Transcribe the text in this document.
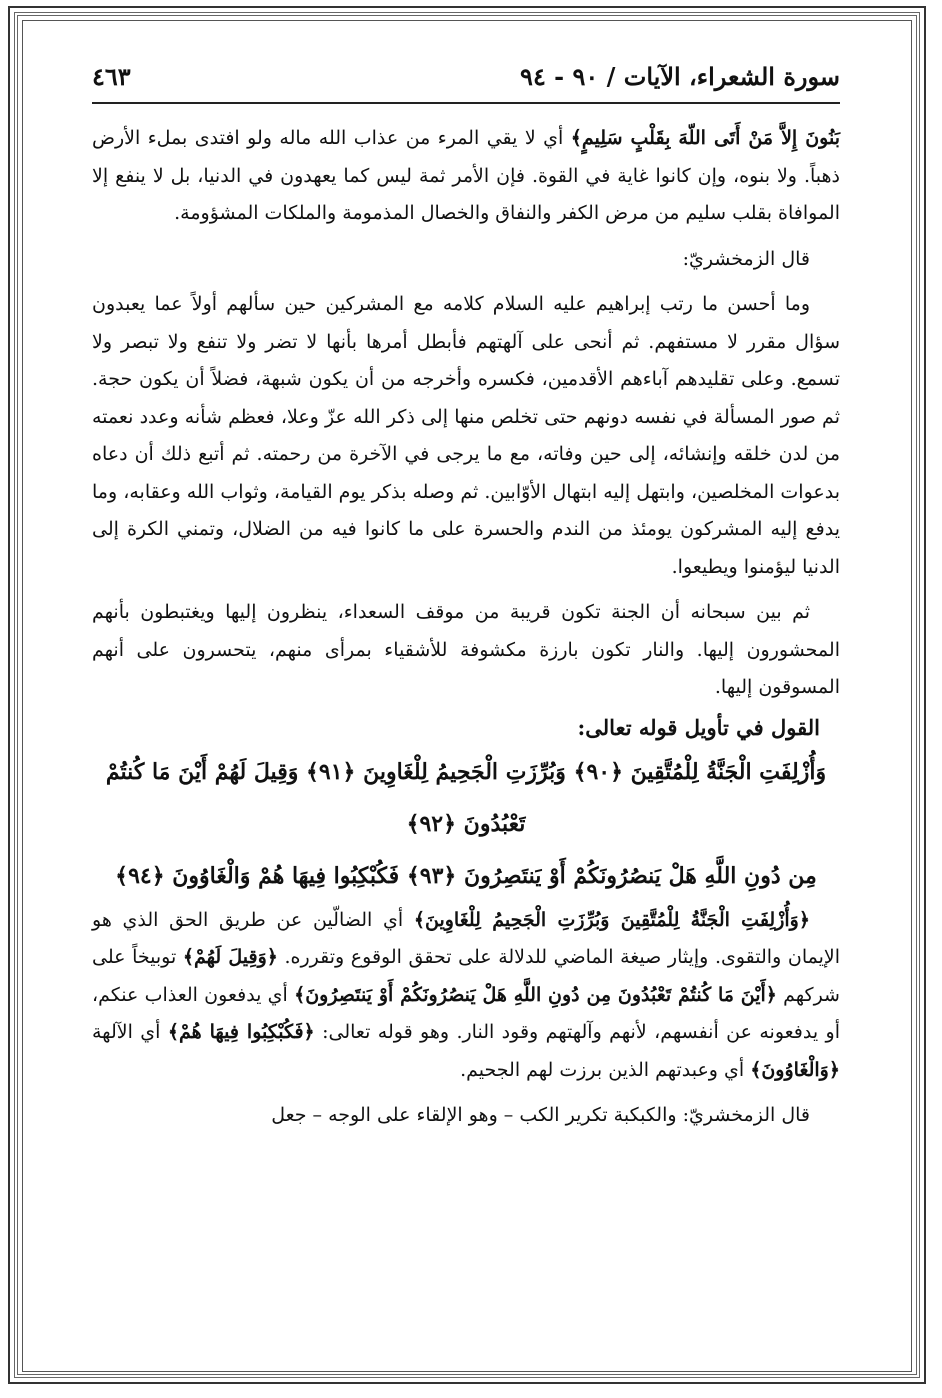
سورة الشعراء، الآيات / ٩٠ - ٩٤
٤٦٣

بَنُونَ إِلاَّ مَنْ أَتَى اللّهَ بِقَلْبٍ سَلِيمٍ﴾ أي لا يقي المرء من عذاب الله ماله ولو افتدى بملء الأرض ذهباً. ولا بنوه، وإن كانوا غاية في القوة. فإن الأمر ثمة ليس كما يعهدون في الدنيا، بل لا ينفع إلا الموافاة بقلب سليم من مرض الكفر والنفاق والخصال المذمومة والملكات المشؤومة.

قال الزمخشريّ:

وما أحسن ما رتب إبراهيم عليه السلام كلامه مع المشركين حين سألهم أولاً عما يعبدون سؤال مقرر لا مستفهم. ثم أنحى على آلهتهم فأبطل أمرها بأنها لا تضر ولا تنفع ولا تبصر ولا تسمع. وعلى تقليدهم آباءهم الأقدمين، فكسره وأخرجه من أن يكون شبهة، فضلاً أن يكون حجة. ثم صور المسألة في نفسه دونهم حتى تخلص منها إلى ذكر الله عزّ وعلا، فعظم شأنه وعدد نعمته من لدن خلقه وإنشائه، إلى حين وفاته، مع ما يرجى في الآخرة من رحمته. ثم أتبع ذلك أن دعاه بدعوات المخلصين، وابتهل إليه ابتهال الأوّابين. ثم وصله بذكر يوم القيامة، وثواب الله وعقابه، وما يدفع إليه المشركون يومئذ من الندم والحسرة على ما كانوا فيه من الضلال، وتمني الكرة إلى الدنيا ليؤمنوا ويطيعوا.

ثم بين سبحانه أن الجنة تكون قريبة من موقف السعداء، ينظرون إليها ويغتبطون بأنهم المحشورون إليها. والنار تكون بارزة مكشوفة للأشقياء بمرأى منهم، يتحسرون على أنهم المسوقون إليها.

القول في تأويل قوله تعالى:

وَأُزْلِفَتِ الْجَنَّةُ لِلْمُتَّقِينَ ﴿٩٠﴾ وَبُرِّزَتِ الْجَحِيمُ لِلْغَاوِينَ ﴿٩١﴾ وَقِيلَ لَهُمْ أَيْنَ مَا كُنتُمْ تَعْبُدُونَ ﴿٩٢﴾

مِن دُونِ اللَّهِ هَلْ يَنصُرُونَكُمْ أَوْ يَنتَصِرُونَ ﴿٩٣﴾ فَكُبْكِبُوا فِيهَا هُمْ وَالْغَاوُونَ ﴿٩٤﴾

﴿وَأُزْلِفَتِ الْجَنَّةُ لِلْمُتَّقِينَ وَبُرِّزَتِ الْجَحِيمُ لِلْغَاوِينَ﴾ أي الضالّين عن طريق الحق الذي هو الإيمان والتقوى. وإيثار صيغة الماضي للدلالة على تحقق الوقوع وتقرره. ﴿وَقِيلَ لَهُمْ﴾ توبيخاً على شركهم ﴿أَيْنَ مَا كُنتُمْ تَعْبُدُونَ مِن دُونِ اللَّهِ هَلْ يَنصُرُونَكُمْ أَوْ يَنتَصِرُونَ﴾ أي يدفعون العذاب عنكم، أو يدفعونه عن أنفسهم، لأنهم وآلهتهم وقود النار. وهو قوله تعالى: ﴿فَكُبْكِبُوا فِيهَا هُمْ﴾ أي الآلهة ﴿وَالْغَاوُونَ﴾ أي وعبدتهم الذين برزت لهم الجحيم.

قال الزمخشريّ: والكبكبة تكرير الكب – وهو الإلقاء على الوجه – جعل
